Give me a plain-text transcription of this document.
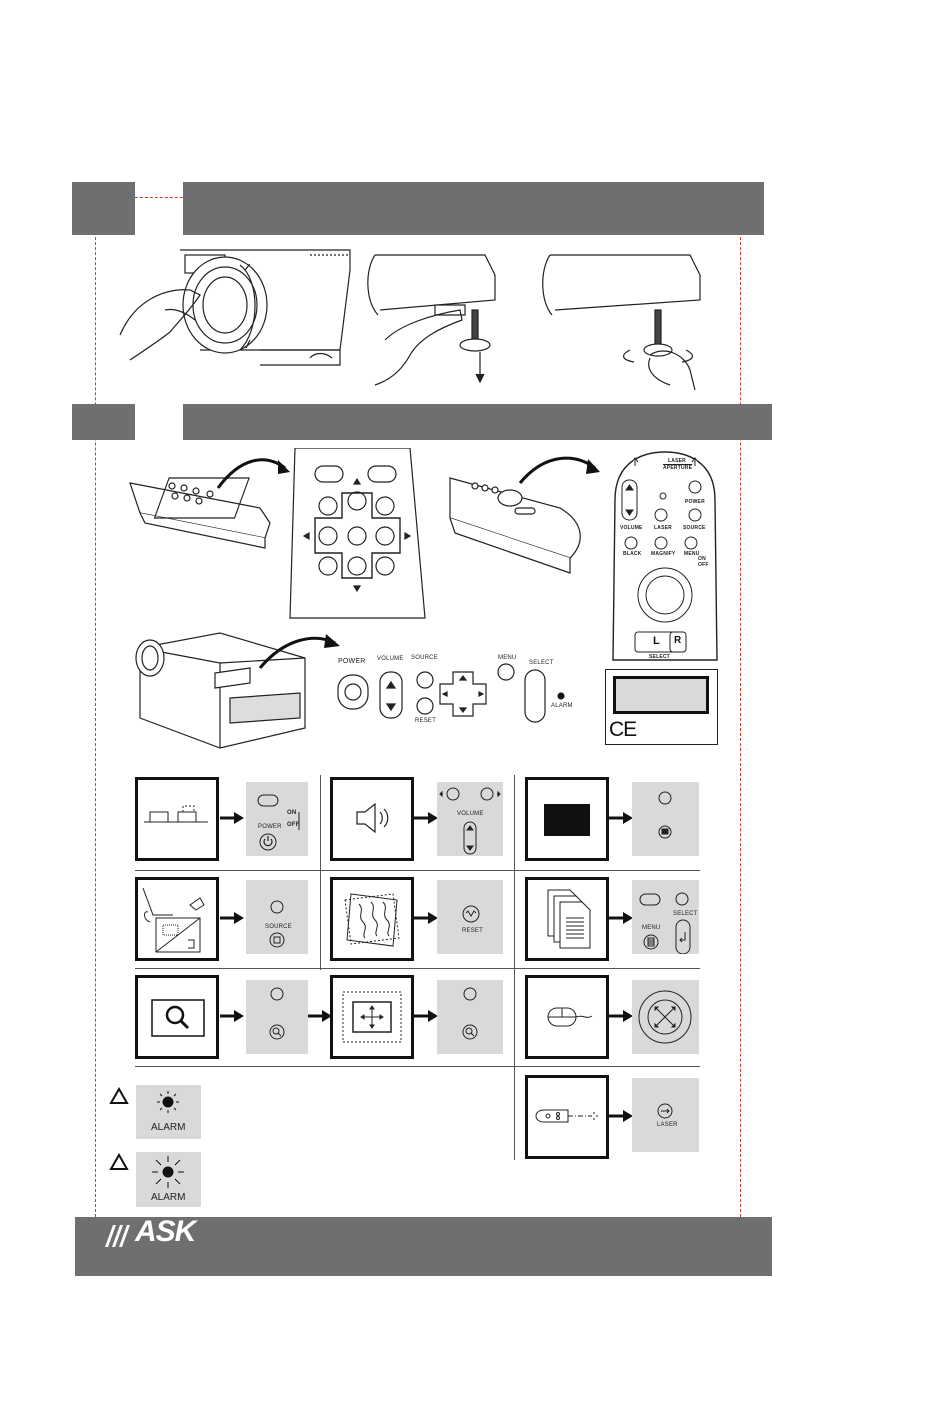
POWER VOLUME SOURCE
RESET
MENU
SELECT
ALARM
LASER
APERTURE
POWER
VOLUME LASER SOURCE
BLACK MAGNIFY MENU
ON
OFF
L R
SELECT
CE
POWER
ON
OFF
VOLUME
SOURCE
RESET	MENU
SELECT
LASER
ALARM
ALARM
ASK
